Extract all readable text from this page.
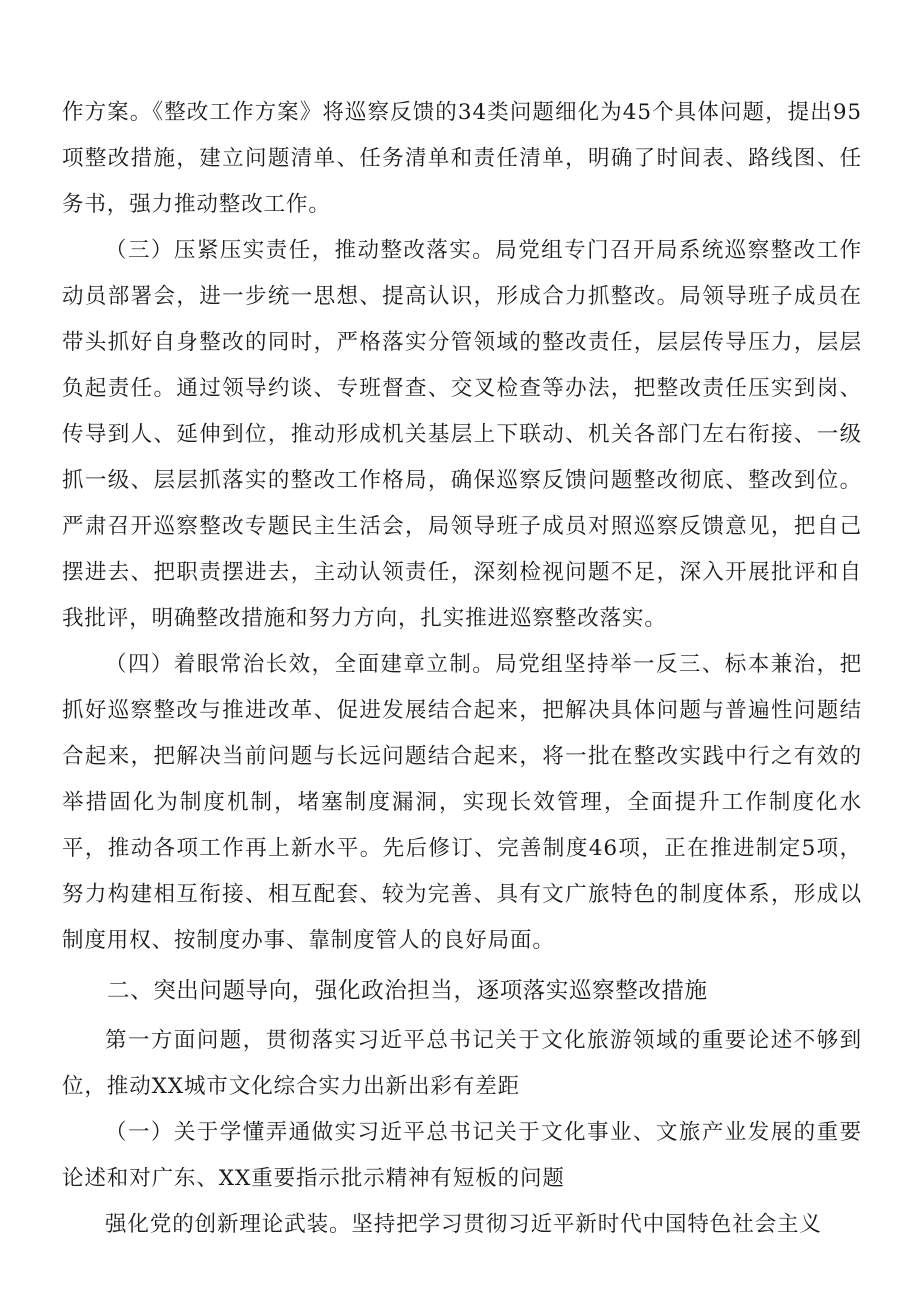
作方案。《整改工作方案》将巡察反馈的34类问题细化为45个具体问题，提出95项整改措施，建立问题清单、任务清单和责任清单，明确了时间表、路线图、任务书，强力推动整改工作。

（三）压紧压实责任，推动整改落实。局党组专门召开局系统巡察整改工作动员部署会，进一步统一思想、提高认识，形成合力抓整改。局领导班子成员在带头抓好自身整改的同时，严格落实分管领域的整改责任，层层传导压力，层层负起责任。通过领导约谈、专班督查、交叉检查等办法，把整改责任压实到岗、传导到人、延伸到位，推动形成机关基层上下联动、机关各部门左右衔接、一级抓一级、层层抓落实的整改工作格局，确保巡察反馈问题整改彻底、整改到位。严肃召开巡察整改专题民主生活会，局领导班子成员对照巡察反馈意见，把自己摆进去、把职责摆进去，主动认领责任，深刻检视问题不足，深入开展批评和自我批评，明确整改措施和努力方向，扎实推进巡察整改落实。

（四）着眼常治长效，全面建章立制。局党组坚持举一反三、标本兼治，把抓好巡察整改与推进改革、促进发展结合起来，把解决具体问题与普遍性问题结合起来，把解决当前问题与长远问题结合起来，将一批在整改实践中行之有效的举措固化为制度机制，堵塞制度漏洞，实现长效管理，全面提升工作制度化水平，推动各项工作再上新水平。先后修订、完善制度46项，正在推进制定5项，努力构建相互衔接、相互配套、较为完善、具有文广旅特色的制度体系，形成以制度用权、按制度办事、靠制度管人的良好局面。

二、突出问题导向，强化政治担当，逐项落实巡察整改措施

第一方面问题，贯彻落实习近平总书记关于文化旅游领域的重要论述不够到位，推动XX城市文化综合实力出新出彩有差距

（一）关于学懂弄通做实习近平总书记关于文化事业、文旅产业发展的重要论述和对广东、XX重要指示批示精神有短板的问题

强化党的创新理论武装。坚持把学习贯彻习近平新时代中国特色社会主义
